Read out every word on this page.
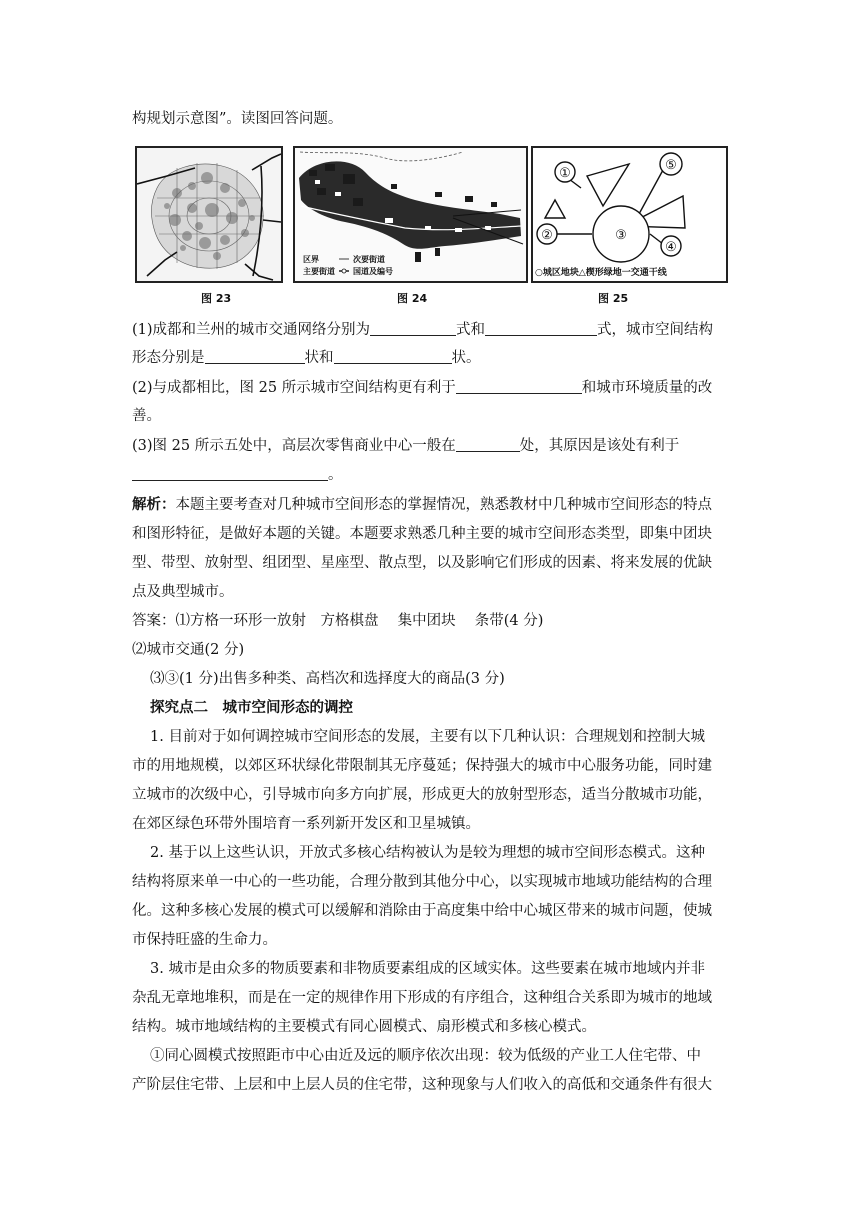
构规划示意图”。读图回答问题。
图 23
区界
主要街道
次要街道
国道及编号
图 24
①
②	③
④
⑤
○城区地块△楔形绿地一交通干线
图 25
(1)成都和兰州的城市交通网络分别为	式和	式，城市空间结构
形态分别是	状和	状。
(2)与成都相比，图 25 所示城市空间结构更有利于	和城市环境质量的改
善。
(3)图 25 所示五处中，高层次零售商业中心一般在	处，其原因是该处有利于
。
解析：本题主要考查对几种城市空间形态的掌握情况，熟悉教材中几种城市空间形态的特点
和图形特征，是做好本题的关键。本题要求熟悉几种主要的城市空间形态类型，即集中团块
型、带型、放射型、组团型、星座型、散点型，以及影响它们形成的因素、将来发展的优缺
点及典型城市。
答案：⑴方格一环形一放射　方格棋盘　 集中团块　 条带(4 分)
⑵城市交通(2 分)
⑶③(1 分)出售多种类、高档次和选择度大的商品(3 分)
探究点二　城市空间形态的调控
1. 目前对于如何调控城市空间形态的发展，主要有以下几种认识：合理规划和控制大城
市的用地规模，以郊区环状绿化带限制其无序蔓延；保持强大的城市中心服务功能，同时建
立城市的次级中心，引导城市向多方向扩展，形成更大的放射型形态，适当分散城市功能，
在郊区绿色环带外围培育一系列新开发区和卫星城镇。
2. 基于以上这些认识，开放式多核心结构被认为是较为理想的城市空间形态模式。这种
结构将原来单一中心的一些功能，合理分散到其他分中心，以实现城市地域功能结构的合理
化。这种多核心发展的模式可以缓解和消除由于高度集中给中心城区带来的城市问题，使城
市保持旺盛的生命力。
3. 城市是由众多的物质要素和非物质要素组成的区域实体。这些要素在城市地域内并非
杂乱无章地堆积，而是在一定的规律作用下形成的有序组合，这种组合关系即为城市的地域
结构。城市地域结构的主要模式有同心圆模式、扇形模式和多核心模式。
①同心圆模式按照距市中心由近及远的顺序依次出现：较为低级的产业工人住宅带、中
产阶层住宅带、上层和中上层人员的住宅带，这种现象与人们收入的高低和交通条件有很大
